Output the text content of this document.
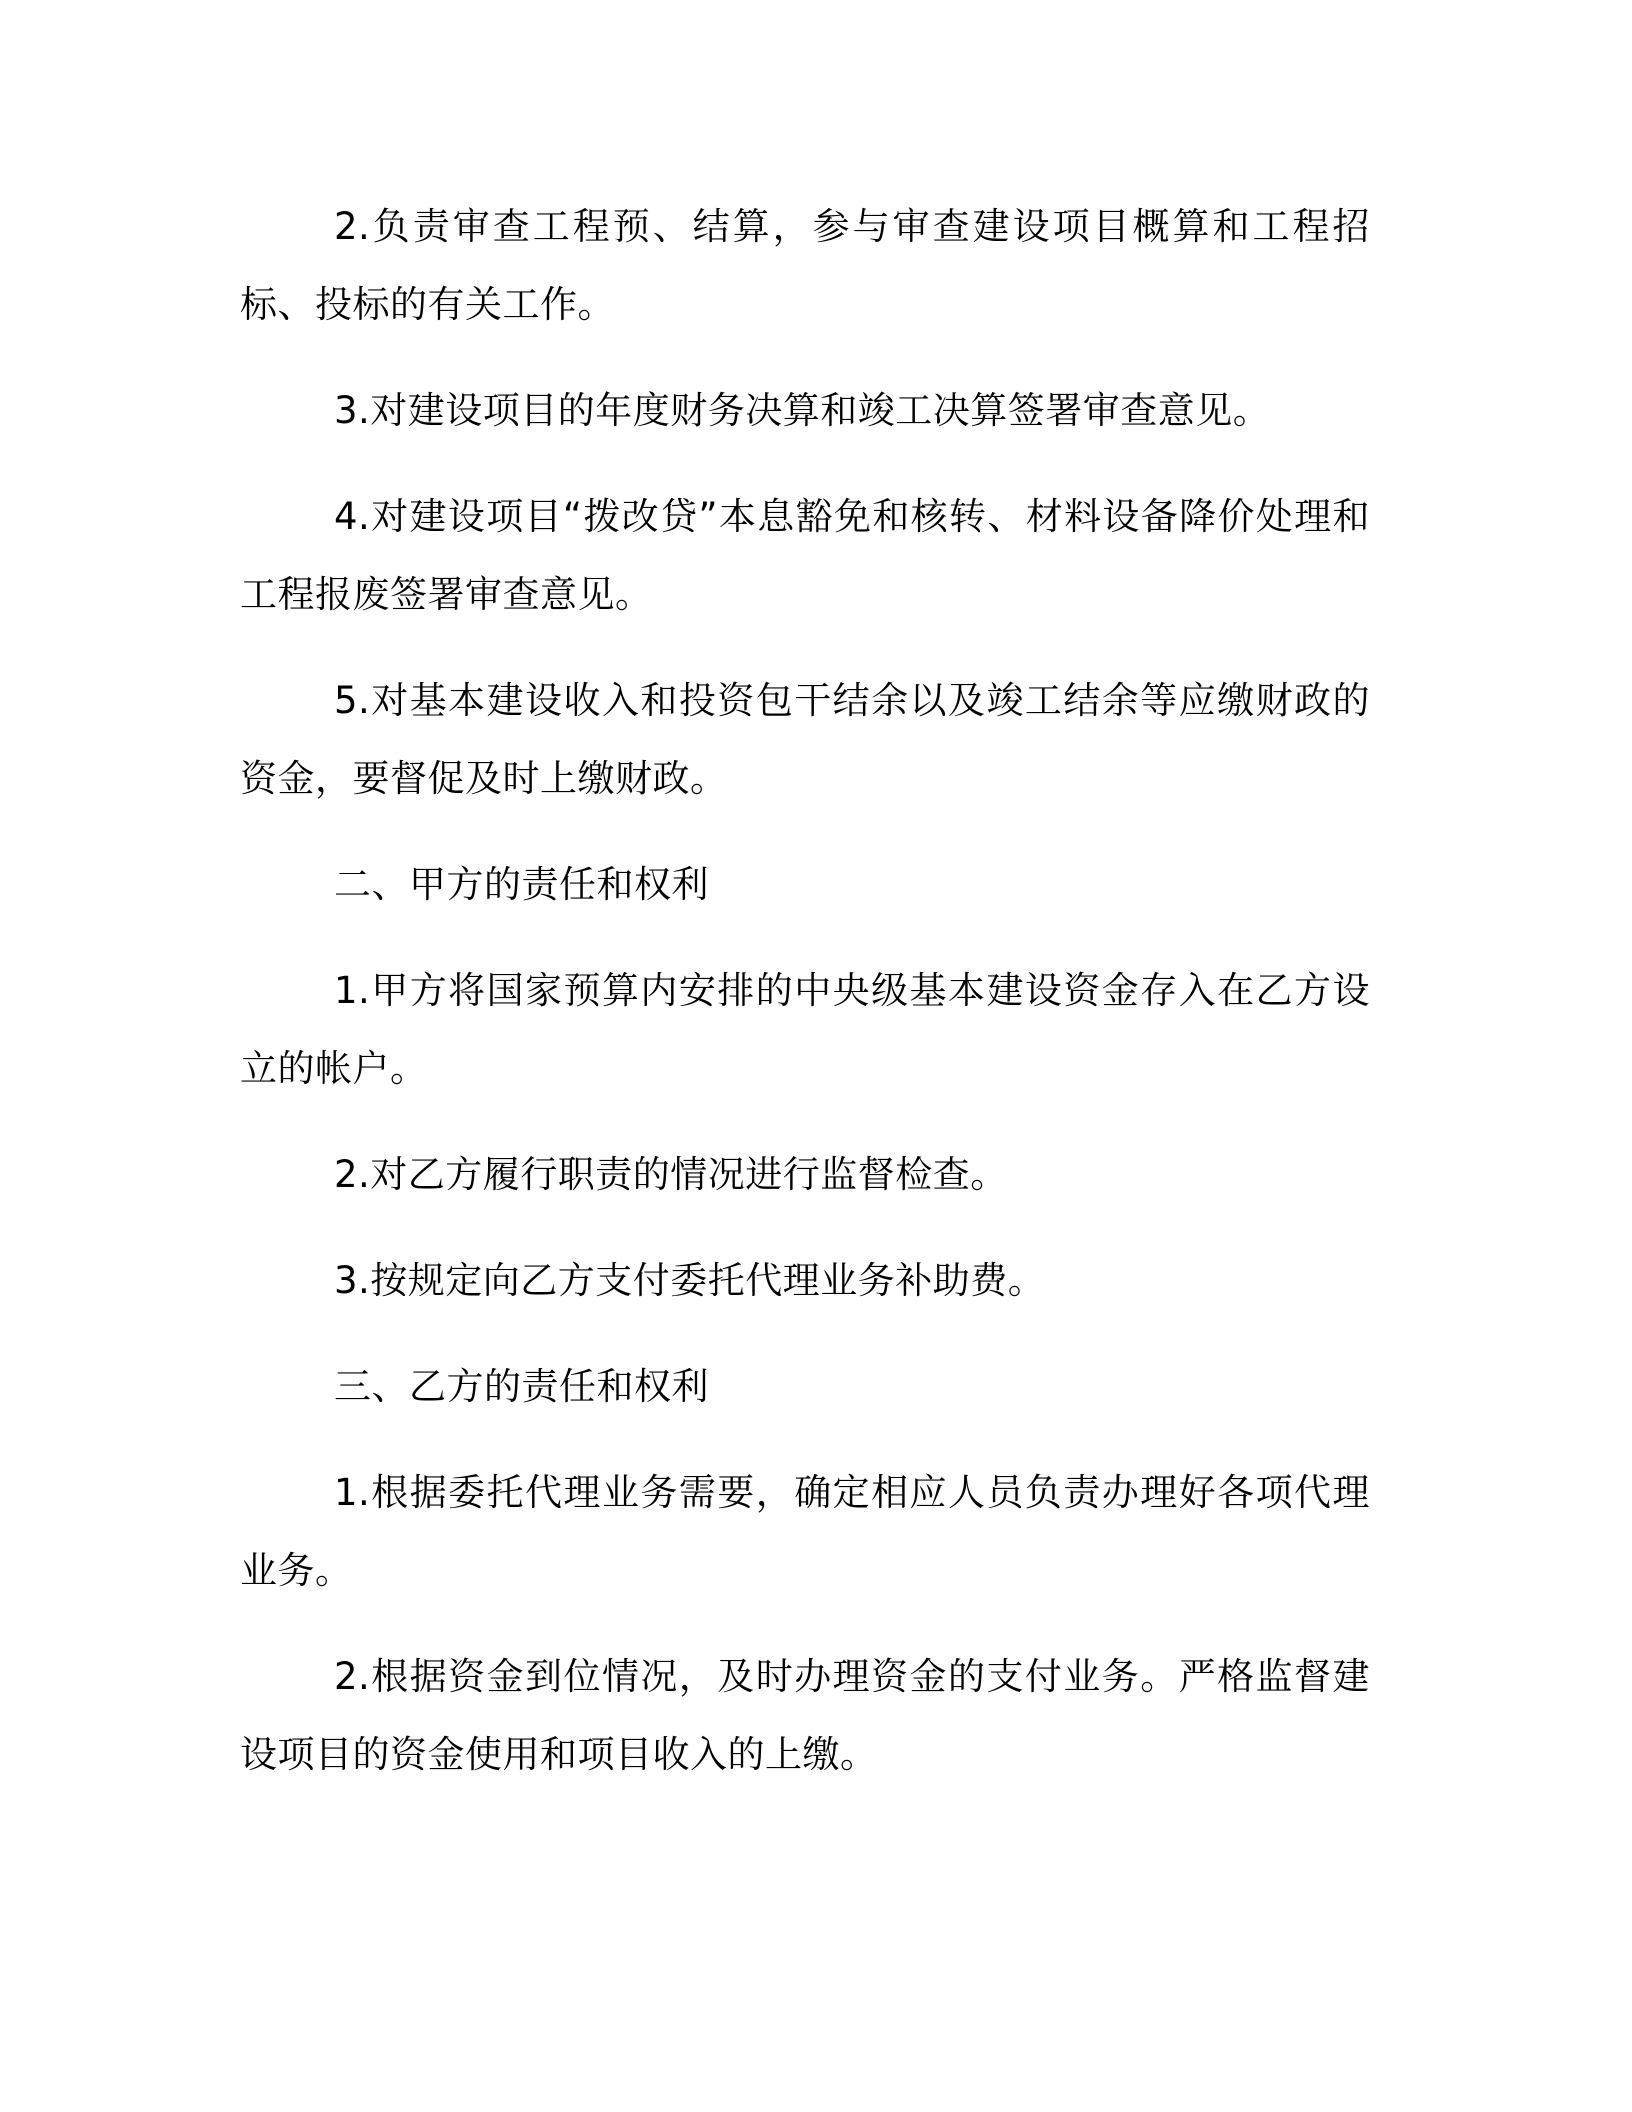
2.负责审查工程预、结算，参与审查建设项目概算和工程招标、投标的有关工作。

3.对建设项目的年度财务决算和竣工决算签署审查意见。

4.对建设项目“拨改贷”本息豁免和核转、材料设备降价处理和工程报废签署审查意见。

5.对基本建设收入和投资包干结余以及竣工结余等应缴财政的资金，要督促及时上缴财政。

二、甲方的责任和权利

1.甲方将国家预算内安排的中央级基本建设资金存入在乙方设立的帐户。

2.对乙方履行职责的情况进行监督检查。

3.按规定向乙方支付委托代理业务补助费。

三、乙方的责任和权利

1.根据委托代理业务需要，确定相应人员负责办理好各项代理业务。

2.根据资金到位情况，及时办理资金的支付业务。严格监督建设项目的资金使用和项目收入的上缴。
